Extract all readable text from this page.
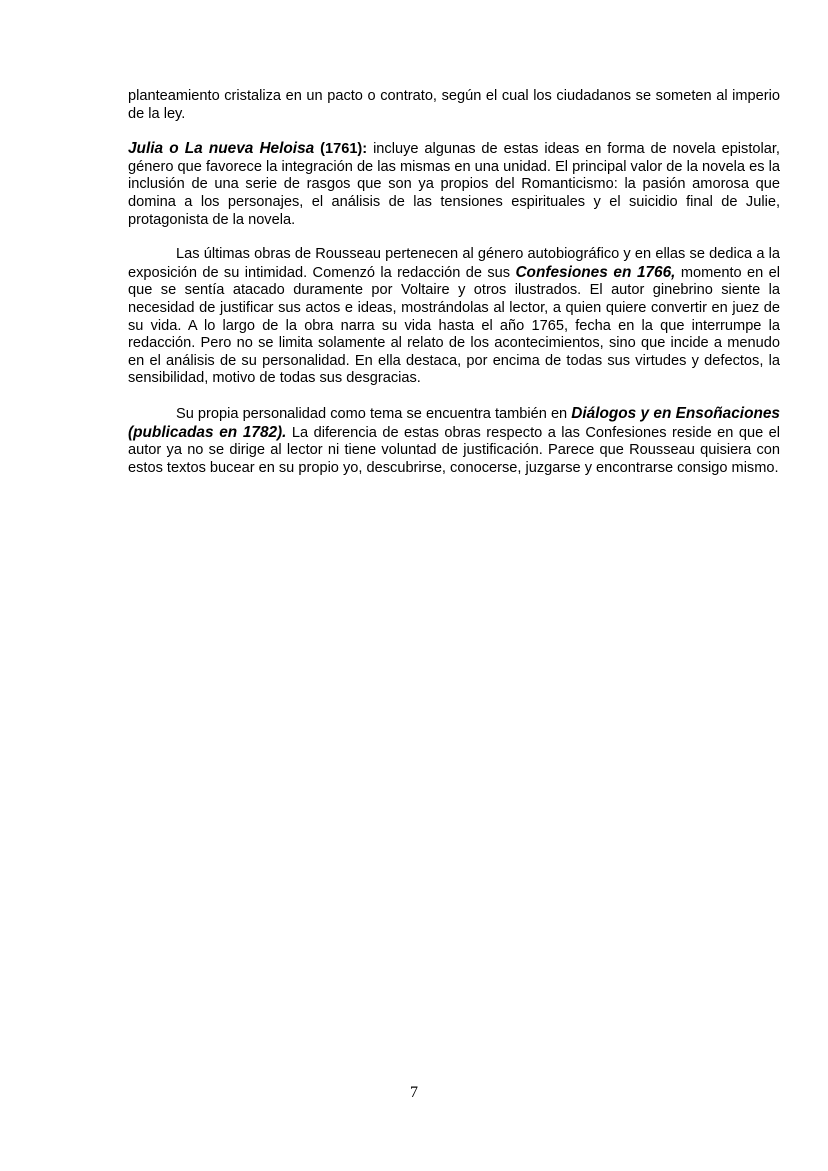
planteamiento cristaliza en un pacto o contrato, según el cual los ciudadanos se someten al imperio de la ley.

Julia o La nueva Heloisa (1761): incluye algunas de estas ideas en forma de novela epistolar, género que favorece la integración de las mismas en una unidad. El principal valor de la novela es la inclusión de una serie de rasgos que son ya propios del Romanticismo: la pasión amorosa que domina a los personajes, el análisis de las tensiones espirituales y el suicidio final de Julie, protagonista de la novela.

Las últimas obras de Rousseau pertenecen al género autobiográfico y en ellas se dedica a la exposición de su intimidad. Comenzó la redacción de sus Confesiones en 1766, momento en el que se sentía atacado duramente por Voltaire y otros ilustrados. El autor ginebrino siente la necesidad de justificar sus actos e ideas, mostrándolas al lector, a quien quiere convertir en juez de su vida. A lo largo de la obra narra su vida hasta el año 1765, fecha en la que interrumpe la redacción. Pero no se limita solamente al relato de los acontecimientos, sino que incide a menudo en el análisis de su personalidad. En ella destaca, por encima de todas sus virtudes y defectos, la sensibilidad, motivo de todas sus desgracias.

Su propia personalidad como tema se encuentra también en Diálogos y en Ensoñaciones (publicadas en 1782). La diferencia de estas obras respecto a las Confesiones reside en que el autor ya no se dirige al lector ni tiene voluntad de justificación. Parece que Rousseau quisiera con estos textos bucear en su propio yo, descubrirse, conocerse, juzgarse y encontrarse consigo mismo.

7
